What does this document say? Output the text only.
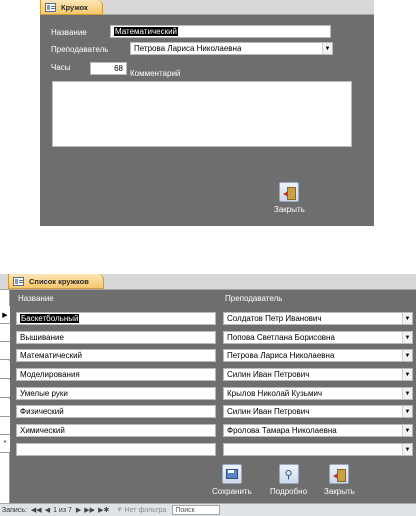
Кружок
Название	Математический
Преподаватель	Петрова Лариса Николаевна	▼
Часы	68
Комментарий
Закрыть
Список кружков
▶
*
Название	Преподаватель
Баскетбольный	Солдатов Петр Иванович	▼
Вышивание	Попова Светлана Борисовна	▼
Математический	Петрова Лариса Николаевна	▼
Моделирования	Силин Иван Петрович	▼
Умелые руки	Крылов Николай Кузьмич	▼
Физический	Силин Иван Петрович	▼
Химический	Фролова Тамара Николаевна	▼
▼
Сохранить
⚲
Подробно Закрыть
Запись: ◀◀ ◀ 1 из 7 ▶ ▶▶ ▶✱ ⚘ Нет фильтра Поиск
